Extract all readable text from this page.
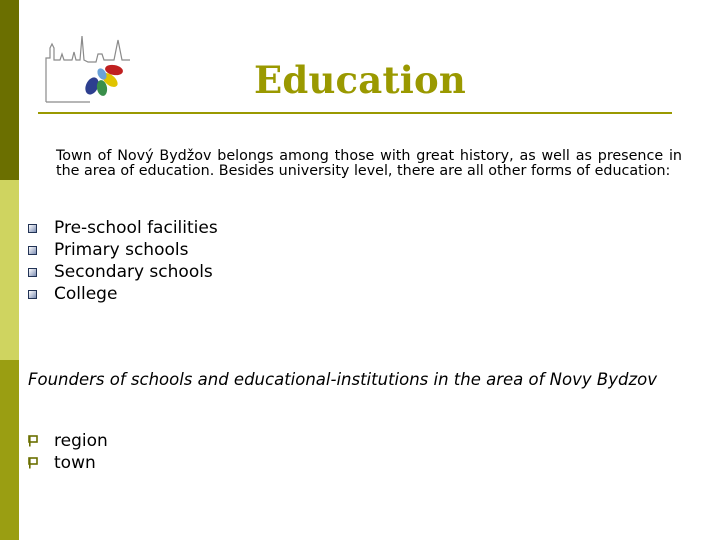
Education
Town of Nový Bydžov belongs among those with great history, as well as presence in the area of education. Besides university level, there are all other forms of education:
Pre-school facilities
Primary schools
Secondary schools
College
Founders of schools and educational-institutions in the area of Novy Bydzov
region
town
